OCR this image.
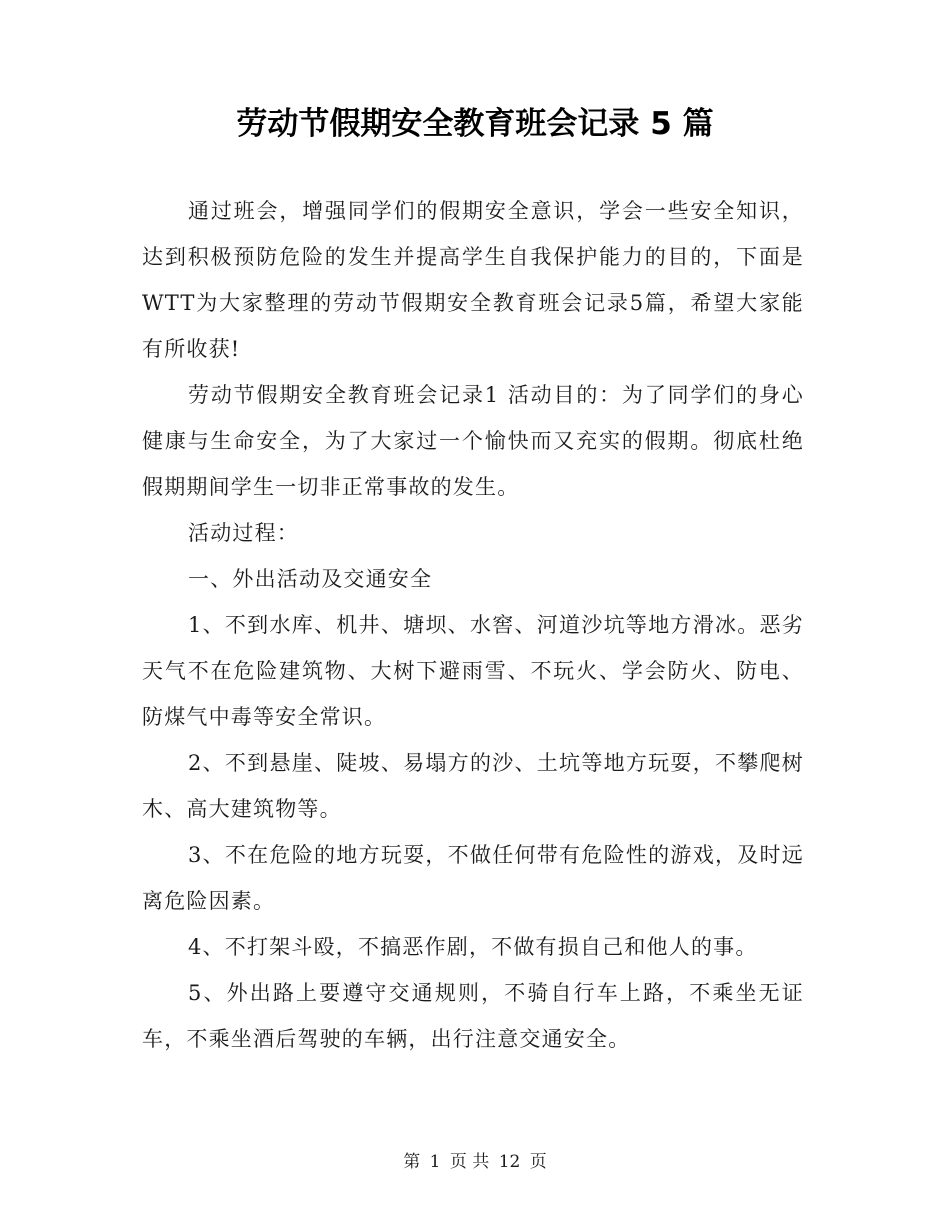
劳动节假期安全教育班会记录 5 篇

通过班会，增强同学们的假期安全意识，学会一些安全知识，达到积极预防危险的发生并提高学生自我保护能力的目的，下面是WTT为大家整理的劳动节假期安全教育班会记录5篇，希望大家能有所收获!

劳动节假期安全教育班会记录1 活动目的：为了同学们的身心健康与生命安全，为了大家过一个愉快而又充实的假期。彻底杜绝假期期间学生一切非正常事故的发生。

活动过程：

一、外出活动及交通安全

1、不到水库、机井、塘坝、水窖、河道沙坑等地方滑冰。恶劣天气不在危险建筑物、大树下避雨雪、不玩火、学会防火、防电、防煤气中毒等安全常识。

2、不到悬崖、陡坡、易塌方的沙、土坑等地方玩耍，不攀爬树木、高大建筑物等。

3、不在危险的地方玩耍，不做任何带有危险性的游戏，及时远离危险因素。

4、不打架斗殴，不搞恶作剧，不做有损自己和他人的事。

5、外出路上要遵守交通规则，不骑自行车上路，不乘坐无证车，不乘坐酒后驾驶的车辆，出行注意交通安全。

第 1 页 共 12 页
